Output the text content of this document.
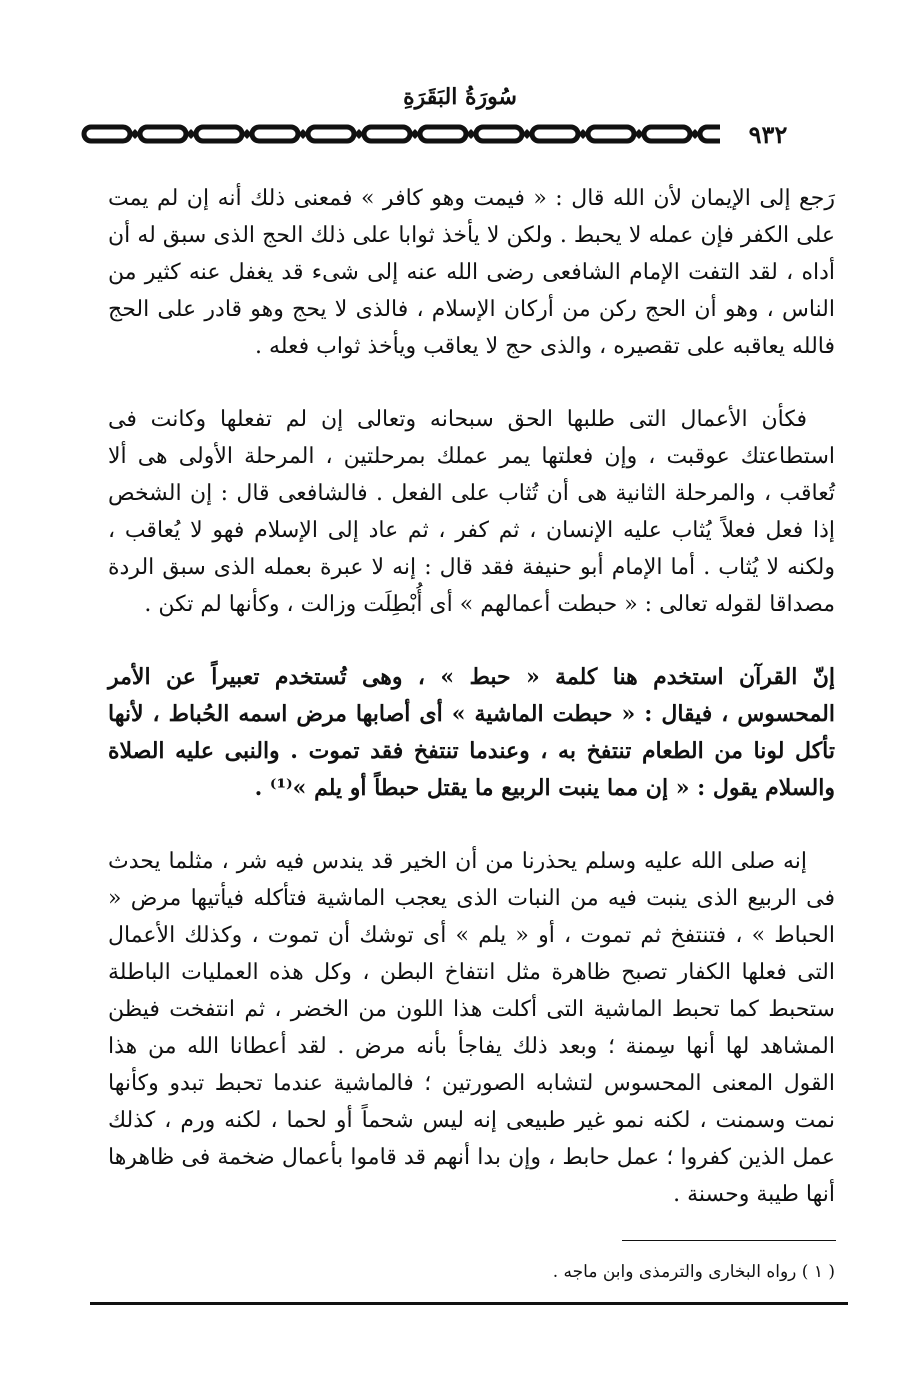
سُورَةُ البَقَرَةِ
٩٣٢

رَجع إلى الإيمان لأن الله قال : « فيمت وهو كافر » فمعنى ذلك أنه إن لم يمت على الكفر فإن عمله لا يحبط . ولكن لا يأخذ ثوابا على ذلك الحج الذى سبق له أن أداه ، لقد التفت الإمام الشافعى رضى الله عنه إلى شىء قد يغفل عنه كثير من الناس ، وهو أن الحج ركن من أركان الإسلام ، فالذى لا يحج وهو قادر على الحج فالله يعاقبه على تقصيره ، والذى حج لا يعاقب ويأخذ ثواب فعله .

فكأن الأعمال التى طلبها الحق سبحانه وتعالى إن لم تفعلها وكانت فى استطاعتك عوقبت ، وإن فعلتها يمر عملك بمرحلتين ، المرحلة الأولى هى ألا تُعاقب ، والمرحلة الثانية هى أن تُثاب على الفعل . فالشافعى قال : إن الشخص إذا فعل فعلاً يُثاب عليه الإنسان ، ثم كفر ، ثم عاد إلى الإسلام فهو لا يُعاقب ، ولكنه لا يُثاب . أما الإمام أبو حنيفة فقد قال : إنه لا عبرة بعمله الذى سبق الردة مصداقا لقوله تعالى : « حبطت أعمالهم » أى أُبْطِلَت وزالت ، وكأنها لم تكن .

إنّ القرآن استخدم هنا كلمة « حبط » ، وهى تُستخدم تعبيراً عن الأمر المحسوس ، فيقال : « حبطت الماشية » أى أصابها مرض اسمه الحُباط ، لأنها تأكل لونا من الطعام تنتفخ به ، وعندما تنتفخ فقد تموت . والنبى عليه الصلاة والسلام يقول : « إن مما ينبت الربيع ما يقتل حبطاً أو يلم »⁽¹⁾ .

إنه صلى الله عليه وسلم يحذرنا من أن الخير قد يندس فيه شر ، مثلما يحدث فى الربيع الذى ينبت فيه من النبات الذى يعجب الماشية فتأكله فيأتيها مرض « الحباط » ، فتنتفخ ثم تموت ، أو « يلم » أى توشك أن تموت ، وكذلك الأعمال التى فعلها الكفار تصبح ظاهرة مثل انتفاخ البطن ، وكل هذه العمليات الباطلة ستحبط كما تحبط الماشية التى أكلت هذا اللون من الخضر ، ثم انتفخت فيظن المشاهد لها أنها سِمنة ؛ وبعد ذلك يفاجأ بأنه مرض . لقد أعطانا الله من هذا القول المعنى المحسوس لتشابه الصورتين ؛ فالماشية عندما تحبط تبدو وكأنها نمت وسمنت ، لكنه نمو غير طبيعى إنه ليس شحماً أو لحما ، لكنه ورم ، كذلك عمل الذين كفروا ؛ عمل حابط ، وإن بدا أنهم قد قاموا بأعمال ضخمة فى ظاهرها أنها طيبة وحسنة .

( ١ ) رواه البخارى والترمذى وابن ماجه .
